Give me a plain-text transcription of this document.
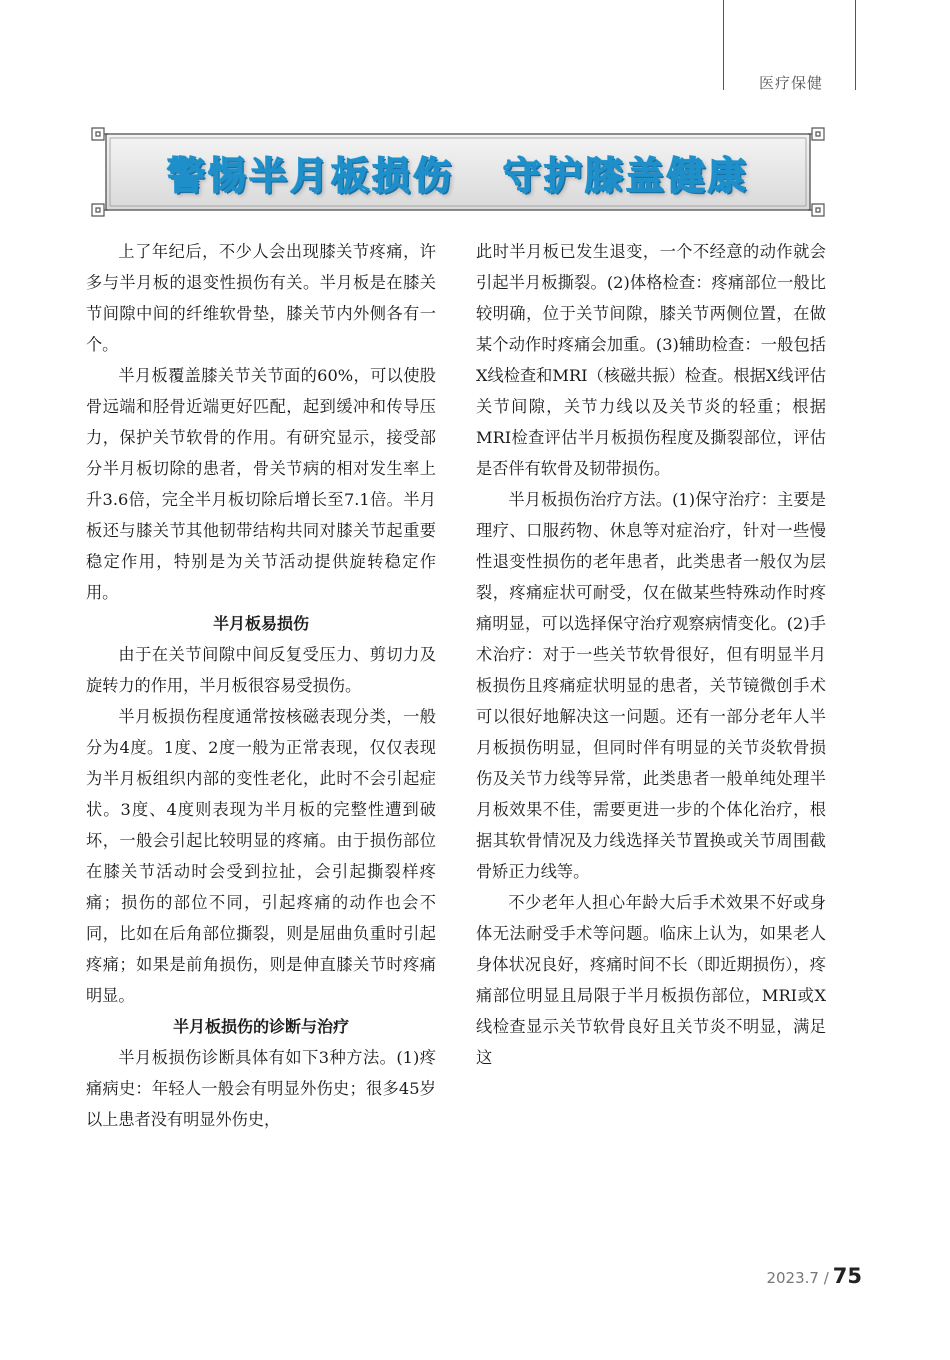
医疗保健
警惕半月板损伤   守护膝盖健康

上了年纪后，不少人会出现膝关节疼痛，许多与半月板的退变性损伤有关。半月板是在膝关节间隙中间的纤维软骨垫，膝关节内外侧各有一个。

半月板覆盖膝关节关节面的60%，可以使股骨远端和胫骨近端更好匹配，起到缓冲和传导压力，保护关节软骨的作用。有研究显示，接受部分半月板切除的患者，骨关节病的相对发生率上升3.6倍，完全半月板切除后增长至7.1倍。半月板还与膝关节其他韧带结构共同对膝关节起重要稳定作用，特别是为关节活动提供旋转稳定作用。

半月板易损伤

由于在关节间隙中间反复受压力、剪切力及旋转力的作用，半月板很容易受损伤。

半月板损伤程度通常按核磁表现分类，一般分为4度。1度、2度一般为正常表现，仅仅表现为半月板组织内部的变性老化，此时不会引起症状。3度、4度则表现为半月板的完整性遭到破坏，一般会引起比较明显的疼痛。由于损伤部位在膝关节活动时会受到拉扯，会引起撕裂样疼痛；损伤的部位不同，引起疼痛的动作也会不同，比如在后角部位撕裂，则是屈曲负重时引起疼痛；如果是前角损伤，则是伸直膝关节时疼痛明显。

半月板损伤的诊断与治疗

半月板损伤诊断具体有如下3种方法。(1)疼痛病史：年轻人一般会有明显外伤史；很多45岁以上患者没有明显外伤史，

此时半月板已发生退变，一个不经意的动作就会引起半月板撕裂。(2)体格检查：疼痛部位一般比较明确，位于关节间隙，膝关节两侧位置，在做某个动作时疼痛会加重。(3)辅助检查：一般包括X线检查和MRI（核磁共振）检查。根据X线评估关节间隙，关节力线以及关节炎的轻重；根据MRI检查评估半月板损伤程度及撕裂部位，评估是否伴有软骨及韧带损伤。

半月板损伤治疗方法。(1)保守治疗：主要是理疗、口服药物、休息等对症治疗，针对一些慢性退变性损伤的老年患者，此类患者一般仅为层裂，疼痛症状可耐受，仅在做某些特殊动作时疼痛明显，可以选择保守治疗观察病情变化。(2)手术治疗：对于一些关节软骨很好，但有明显半月板损伤且疼痛症状明显的患者，关节镜微创手术可以很好地解决这一问题。还有一部分老年人半月板损伤明显，但同时伴有明显的关节炎软骨损伤及关节力线等异常，此类患者一般单纯处理半月板效果不佳，需要更进一步的个体化治疗，根据其软骨情况及力线选择关节置换或关节周围截骨矫正力线等。

不少老年人担心年龄大后手术效果不好或身体无法耐受手术等问题。临床上认为，如果老人身体状况良好，疼痛时间不长（即近期损伤），疼痛部位明显且局限于半月板损伤部位，MRI或X线检查显示关节软骨良好且关节炎不明显，满足这

2023.7 / 75
